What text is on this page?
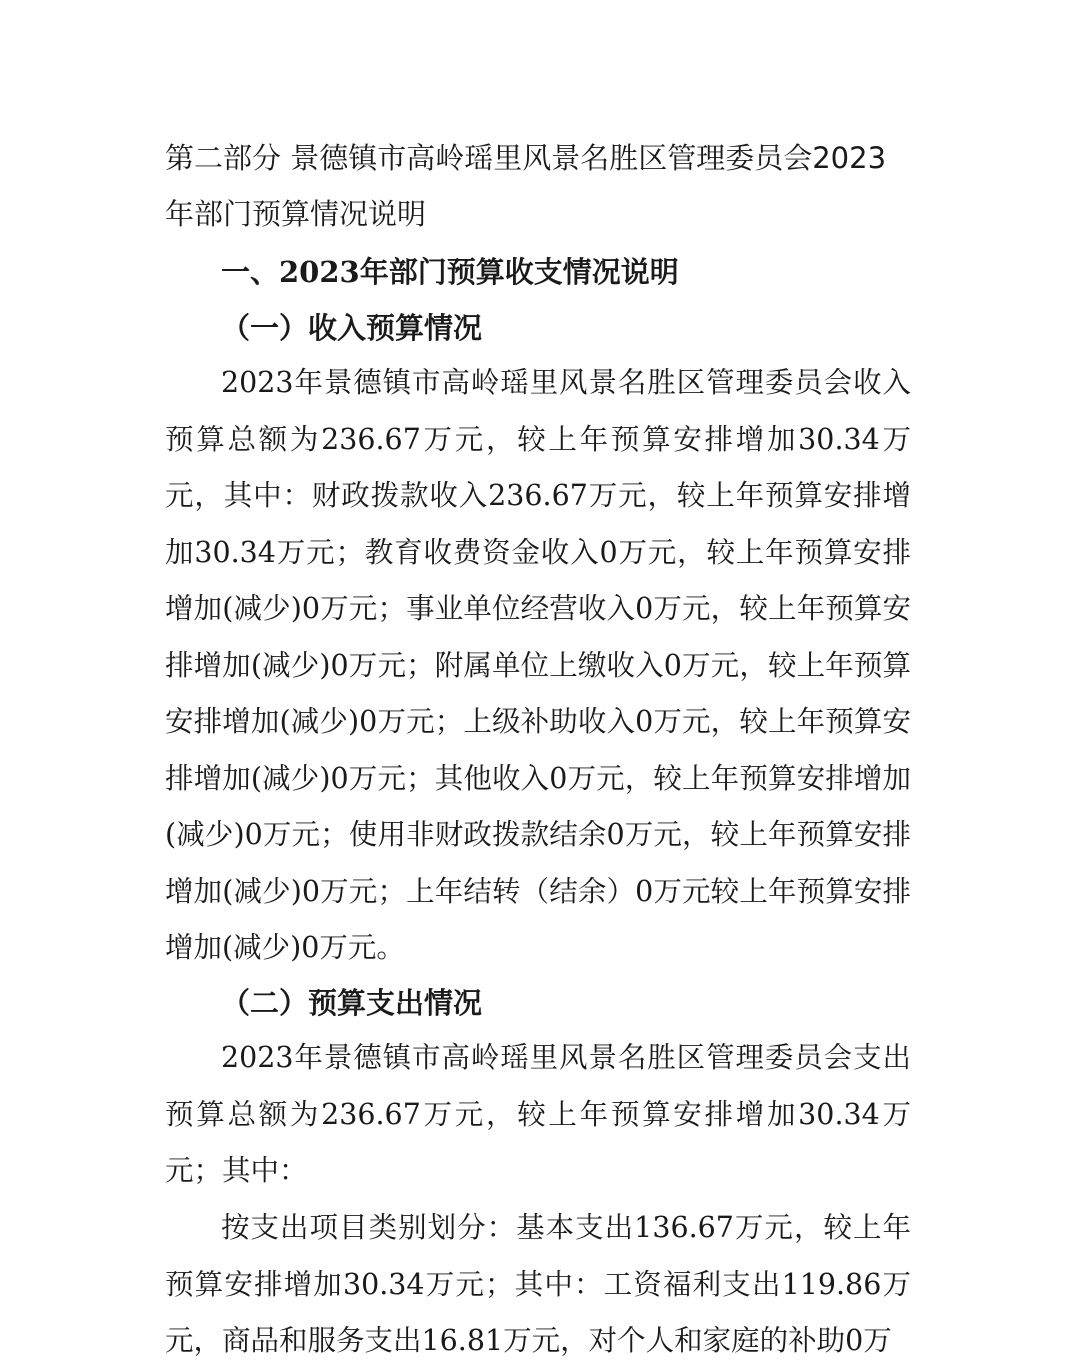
第二部分 景德镇市高岭瑶里风景名胜区管理委员会2023年部门预算情况说明
一、2023年部门预算收支情况说明
（一）收入预算情况

2023年景德镇市高岭瑶里风景名胜区管理委员会收入预算总额为236.67万元，较上年预算安排增加30.34万元，其中：财政拨款收入236.67万元，较上年预算安排增加30.34万元；教育收费资金收入0万元，较上年预算安排增加(减少)0万元；事业单位经营收入0万元，较上年预算安排增加(减少)0万元；附属单位上缴收入0万元，较上年预算安排增加(减少)0万元；上级补助收入0万元，较上年预算安排增加(减少)0万元；其他收入0万元，较上年预算安排增加(减少)0万元；使用非财政拨款结余0万元，较上年预算安排增加(减少)0万元；上年结转（结余）0万元较上年预算安排增加(减少)0万元。

（二）预算支出情况

2023年景德镇市高岭瑶里风景名胜区管理委员会支出预算总额为236.67万元，较上年预算安排增加30.34万元；其中：

按支出项目类别划分：基本支出136.67万元，较上年预算安排增加30.34万元；其中：工资福利支出119.86万元，商品和服务支出16.81万元，对个人和家庭的补助0万
